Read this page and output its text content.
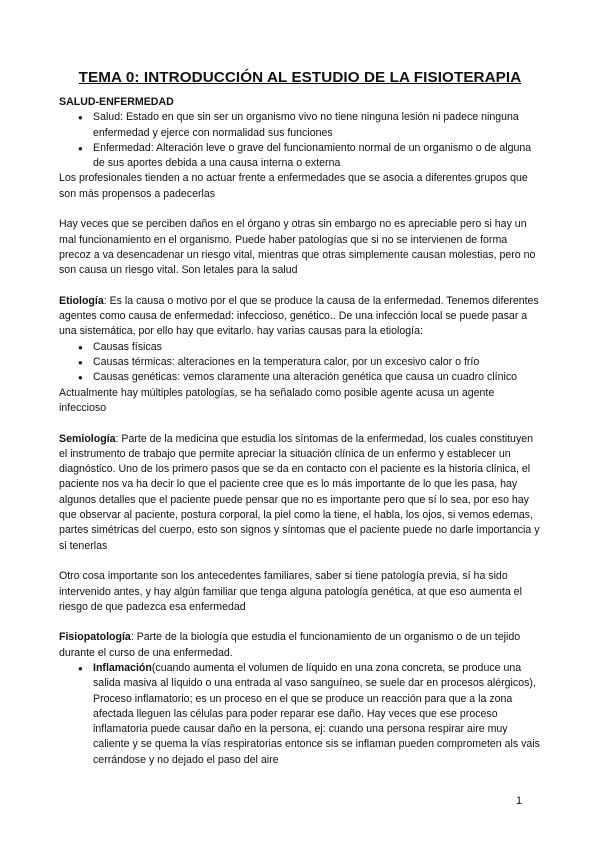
TEMA 0: INTRODUCCIÓN AL ESTUDIO DE LA FISIOTERAPIA

SALUD-ENFERMEDAD

● Salud: Estado en que sin ser un organismo vivo no tiene ninguna lesión ni padece ninguna enfermedad y ejerce con normalidad sus funciones
● Enfermedad: Alteración leve o grave del funcionamiento normal de un organismo o de alguna de sus aportes debida a una causa interna o externa

Los profesionales tienden a no actuar frente a enfermedades que se asocia a diferentes grupos que son más propensos a padecerlas

Hay veces que se perciben daños en el órgano y otras sin embargo no es apreciable pero si hay un mal funcionamiento en el organismo. Puede haber patologías que si no se intervienen de forma precoz a va desencadenar un riesgo vital, mientras que otras simplemente causan molestias, pero no son causa un riesgo vital. Son letales para la salud

Etiología: Es la causa o motivo por el que se produce la causa de la enfermedad. Tenemos diferentes agentes como causa de enfermedad: infeccioso, genético.. De una infección local se puede pasar a una sistemática, por ello hay que evitarlo. hay varias causas para la etiología:

● Causas físicas
● Causas térmicas: alteraciones en la temperatura calor, por un excesivo calor o frío
● Causas genéticas: vemos claramente una alteración genética que causa un cuadro clínico

Actualmente hay múltiples patologías, se ha señalado como posible agente acusa un agente infeccioso

Semiología: Parte de la medicina que estudia los síntomas de la enfermedad, los cuales constituyen el instrumento de trabajo que permite apreciar la situación clínica de un enfermo y establecer un diagnóstico. Uno de los primero pasos que se da en contacto con el paciente es la historia clínica, el paciente nos va ha decir lo que el paciente cree que es lo más importante de lo que les pasa, hay algunos detalles que el paciente puede pensar que no es importante pero que sí lo sea, por eso hay que observar al paciente, postura corporal, la piel como la tiene, el habla, los ojos, si vemos edemas, partes simétricas del cuerpo, esto son signos y síntomas que el paciente puede no darle importancia y si tenerlas

Otro cosa importante son los antecedentes familiares, saber si tiene patología previa, sí ha sido intervenido antes, y hay algún familiar que tenga alguna patología genética, at que eso aumenta el riesgo de que padezca esa enfermedad

Fisiopatología: Parte de la biología que estudia el funcionamiento de un organismo o de un tejido durante el curso de una enfermedad.

● Inflamación(cuando aumenta el volumen de líquido en una zona concreta, se produce una salida masiva al líquido o una entrada al vaso sanguíneo, se suele dar en procesos alérgicos),
Proceso inflamatorio; es un proceso en el que se produce un reacción para que a la zona afectada lleguen las células para poder reparar ese daño. Hay veces que ese proceso inflamatoria puede causar daño en la persona, ej: cuando una persona respirar aire muy caliente y se quema la vías respiratorias entonce sis se inflaman pueden comprometen als vais cerrándose y no dejado el paso del aire
1
